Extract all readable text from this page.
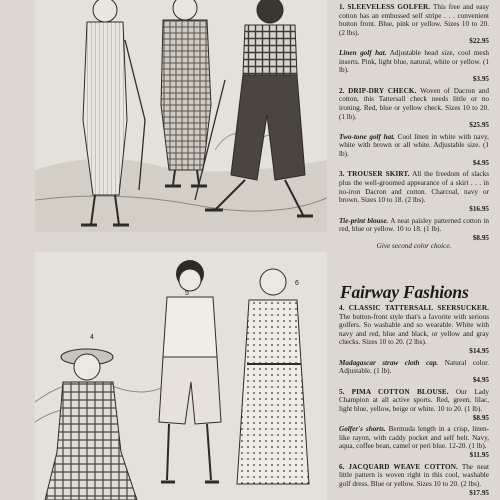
1. SLEEVELESS GOLFER. This free and easy cotton has an embossed self stripe . . . convenient button front. Blue, pink or yellow. Sizes 10 to 20. (2 lbs).
$22.95

Linen golf hat. Adjustable head size, cool mesh inserts. Pink, light blue, natural, white or yellow. (1 lb).
$3.95

2. DRIP-DRY CHECK. Woven of Dacron and cotton, this Tattersall check needs little or no ironing. Red, blue or yellow check. Sizes 10 to 20. (1 lb).
$25.95

Two-tone golf hat. Cool linen in white with navy, white with brown or all white. Adjustable size. (1 lb).
$4.95

3. TROUSER SKIRT. All the freedom of slacks plus the well-groomed appearance of a skirt . . . in no-iron Dacron and cotton. Charcoal, navy or brown. Sizes 10 to 18. (2 lbs).
$16.95

Tie-print blouse. A neat paisley patterned cotton in red, blue or yellow. 10 to 18. (1 lb).
$8.95
Give second color choice.

4
5
6 Fairway Fashions

4. CLASSIC TATTERSALL SEERSUCKER. The button-front style that's a favorite with serious golfers. So washable and so wearable. White with navy and red, blue and black, or yellow and gray checks. Sizes 10 to 20. (2 lbs).
$14.95

Madagascar straw cloth cap. Natural color. Adjustable. (1 lb).
$4.95

5. PIMA COTTON BLOUSE. Our Lady Champion at all active sports. Red, green, lilac, light blue, yellow, beige or white. 10 to 20. (1 lb).
$8.95

Golfer's shorts. Bermuda length in a crisp, linen-like rayon, with caddy pocket and self belt. Navy, aqua, coffee bean, camel or peri blue. 12-20. (1 lb).
$11.95

6. JACQUARD WEAVE COTTON. The neat little pattern is woven right in this cool, washable golf dress. Blue or yellow. Sizes 10 to 20. (2 lbs).
$17.95
